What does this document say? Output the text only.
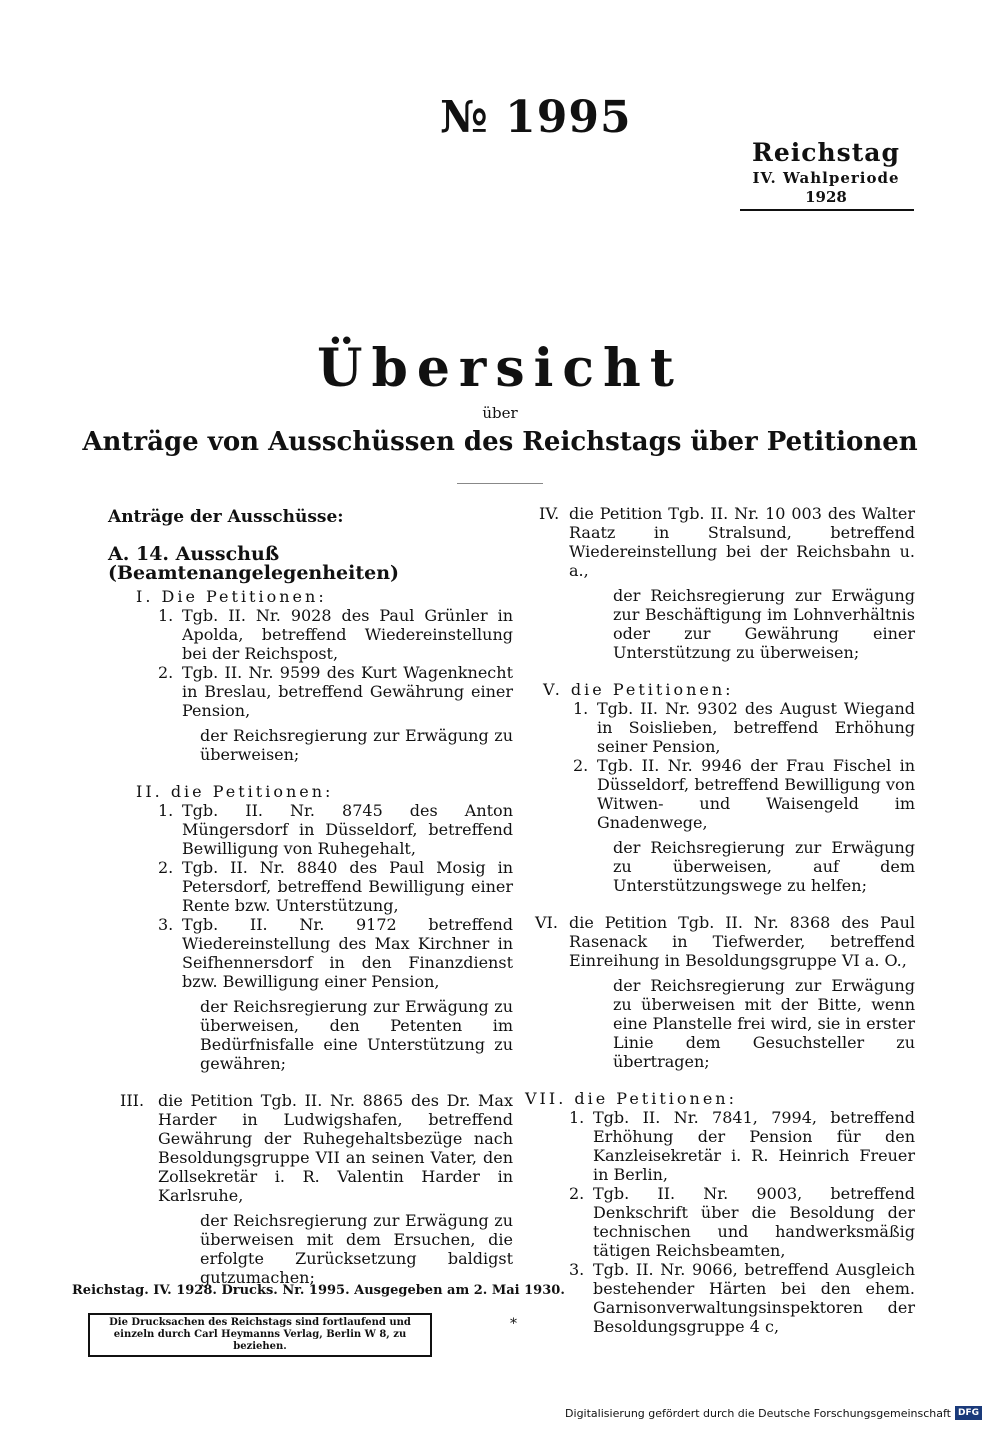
№ 1995
Reichstag
IV. Wahlperiode
1928
Übersicht
über
Anträge von Ausschüssen des Reichstags über Petitionen
Anträge der Ausschüsse:
A. 14. Ausschuß (Beamtenangelegenheiten)
I. Die Petitionen:
1. Tgb. II. Nr. 9028 des Paul Grünler in Apolda, betreffend Wiedereinstellung bei der Reichspost,
2. Tgb. II. Nr. 9599 des Kurt Wagenknecht in Breslau, betreffend Gewährung einer Pension,
der Reichsregierung zur Erwägung zu überweisen;
II. die Petitionen:
1. Tgb. II. Nr. 8745 des Anton Müngersdorf in Düsseldorf, betreffend Bewilligung von Ruhegehalt,
2. Tgb. II. Nr. 8840 des Paul Mosig in Petersdorf, betreffend Bewilligung einer Rente bzw. Unterstützung,
3. Tgb. II. Nr. 9172 betreffend Wiedereinstellung des Max Kirchner in Seifhennersdorf in den Finanzdienst bzw. Bewilligung einer Pension,
der Reichsregierung zur Erwägung zu überweisen, den Petenten im Bedürfnisfalle eine Unterstützung zu gewähren;
III. die Petition Tgb. II. Nr. 8865 des Dr. Max Harder in Ludwigshafen, betreffend Gewährung der Ruhegehaltsbezüge nach Besoldungsgruppe VII an seinen Vater, den Zollsekretär i. R. Valentin Harder in Karlsruhe,
der Reichsregierung zur Erwägung zu überweisen mit dem Ersuchen, die erfolgte Zurücksetzung baldigst gutzumachen;
IV. die Petition Tgb. II. Nr. 10 003 des Walter Raatz in Stralsund, betreffend Wiedereinstellung bei der Reichsbahn u. a.,
der Reichsregierung zur Erwägung zur Beschäftigung im Lohnverhältnis oder zur Gewährung einer Unterstützung zu überweisen;
V. die Petitionen:
1. Tgb. II. Nr. 9302 des August Wiegand in Soislieben, betreffend Erhöhung seiner Pension,
2. Tgb. II. Nr. 9946 der Frau Fischel in Düsseldorf, betreffend Bewilligung von Witwen- und Waisengeld im Gnadenwege,
der Reichsregierung zur Erwägung zu überweisen, auf dem Unterstützungswege zu helfen;
VI. die Petition Tgb. II. Nr. 8368 des Paul Rasenack in Tiefwerder, betreffend Einreihung in Besoldungsgruppe VI a. O.,
der Reichsregierung zur Erwägung zu überweisen mit der Bitte, wenn eine Planstelle frei wird, sie in erster Linie dem Gesuchsteller zu übertragen;
VII. die Petitionen:
1. Tgb. II. Nr. 7841, 7994, betreffend Erhöhung der Pension für den Kanzleisekretär i. R. Heinrich Freuer in Berlin,
2. Tgb. II. Nr. 9003, betreffend Denkschrift über die Besoldung der technischen und handwerksmäßig tätigen Reichsbeamten,
3. Tgb. II. Nr. 9066, betreffend Ausgleich bestehender Härten bei den ehem. Garnisonverwaltungsinspektoren der Besoldungsgruppe 4 c,
Reichstag. IV. 1928. Drucks. Nr. 1995. Ausgegeben am 2. Mai 1930.
Die Drucksachen des Reichstags sind fortlaufend und einzeln durch Carl Heymanns Verlag, Berlin W 8, zu beziehen.
*
Digitalisierung gefördert durch die Deutsche Forschungsgemeinschaft DFG
